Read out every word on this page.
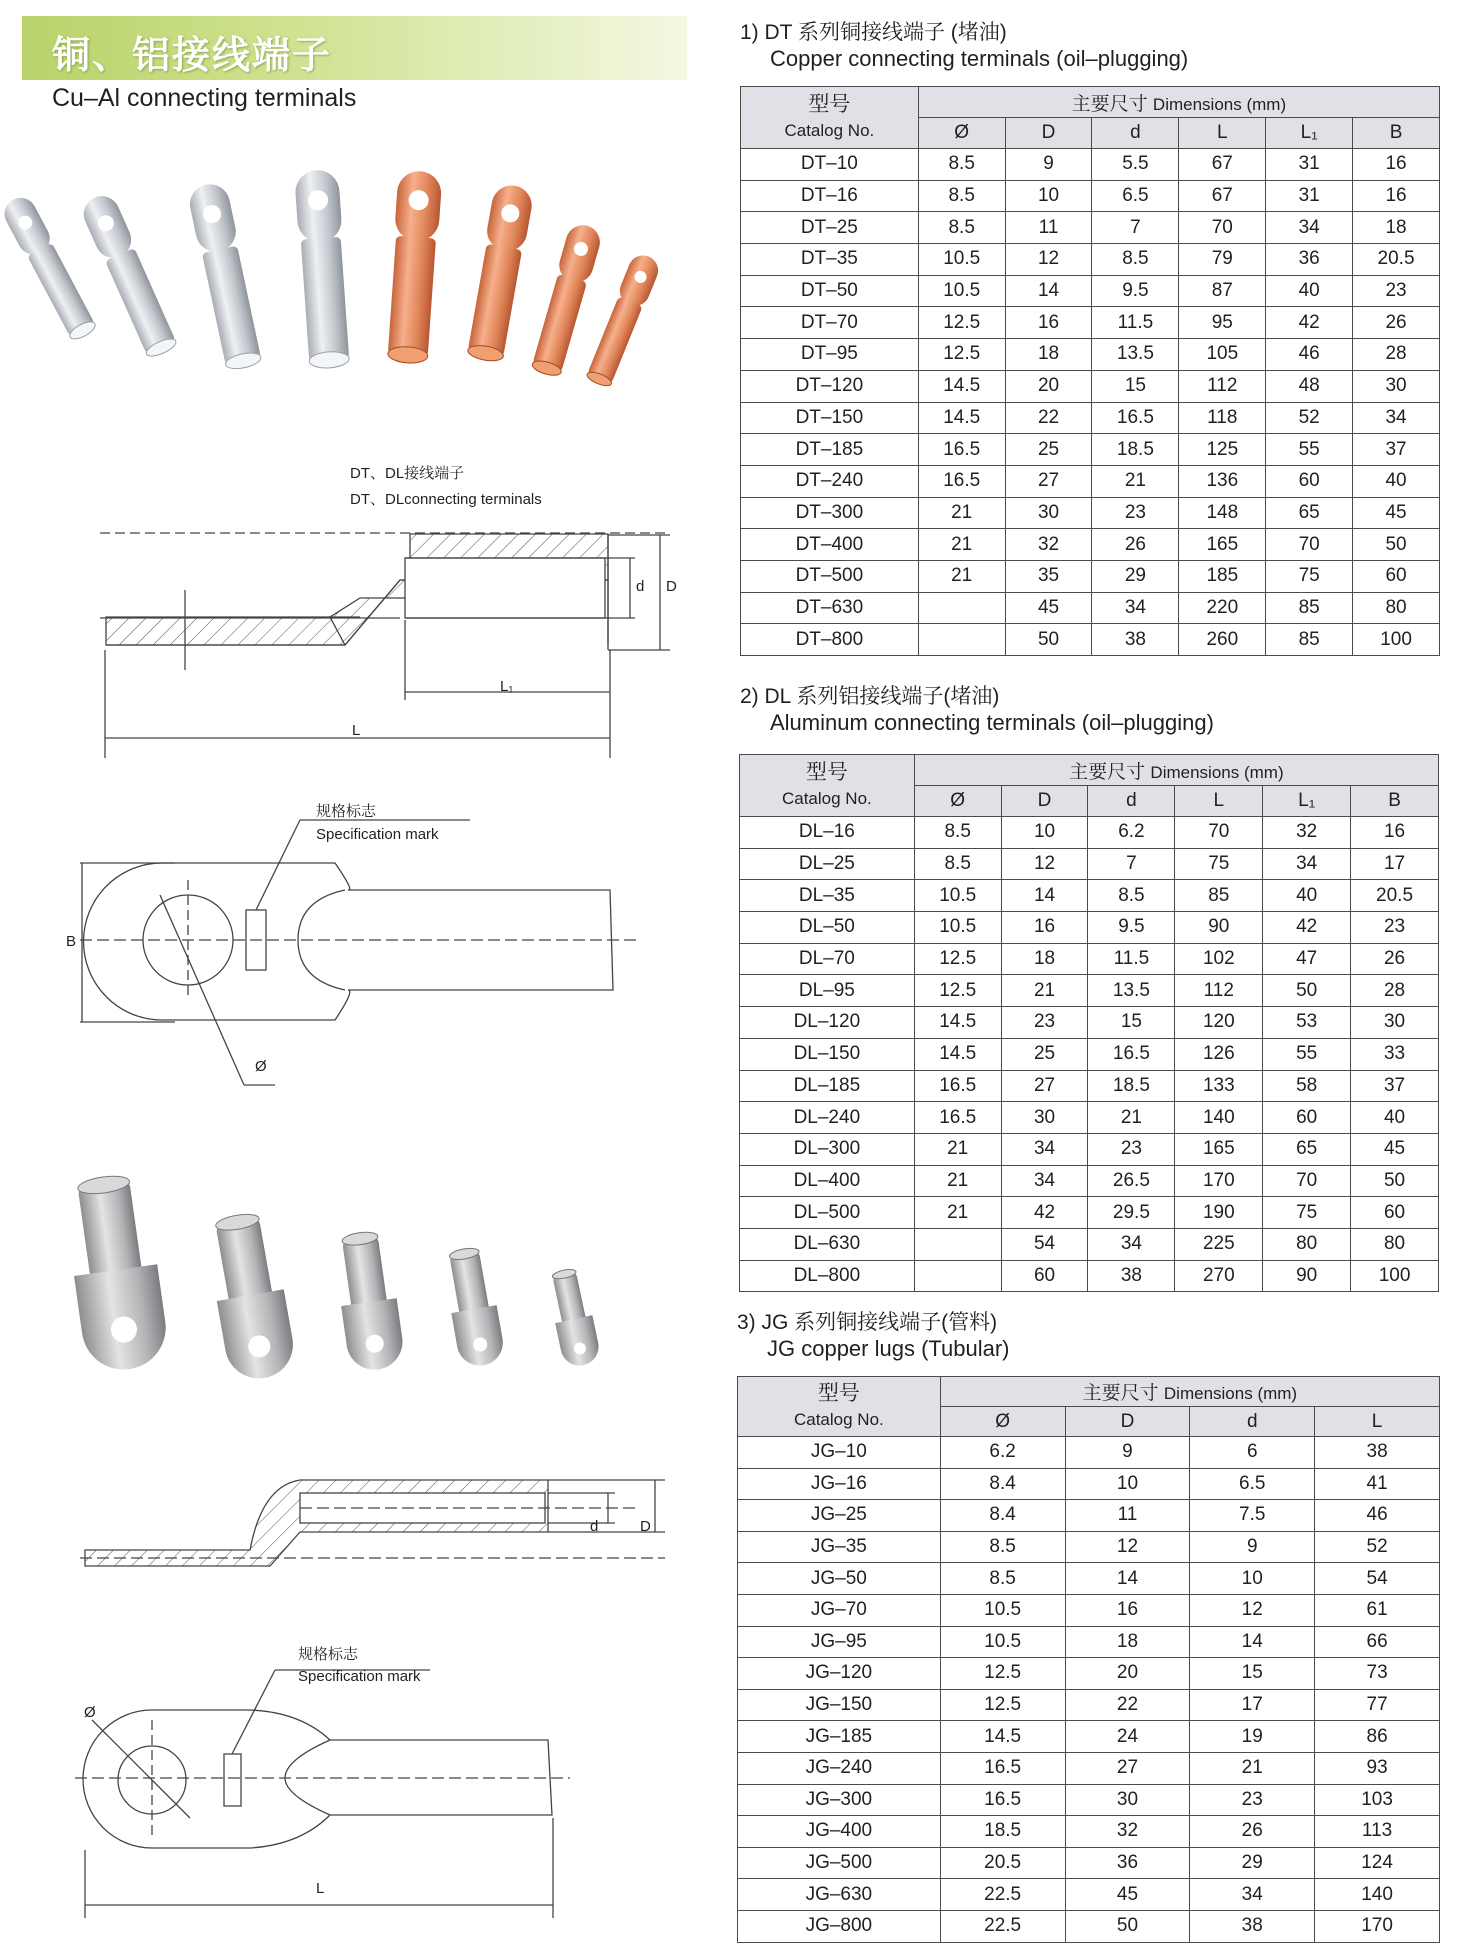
铜、铝接线端子
Cu–Al connecting terminals
DT、DL接线端子
DT、DLconnecting terminals
d D
L₁
L
规格标志
Specification mark
B
Ø
d	D
规格标志
Specification mark
Ø
L
1) DT 系列铜接线端子 (堵油)
Copper connecting terminals (oil–plugging)
型号
Catalog No.	主要尺寸 Dimensions (mm)					
	Ø	D	d	L	L₁	B
DT–10	8.5	9	5.5	67	31	16
DT–16	8.5	10	6.5	67	31	16
DT–25	8.5	11	7	70	34	18
DT–35	10.5	12	8.5	79	36	20.5
DT–50	10.5	14	9.5	87	40	23
DT–70	12.5	16	11.5	95	42	26
DT–95	12.5	18	13.5	105	46	28
DT–120	14.5	20	15	112	48	30
DT–150	14.5	22	16.5	118	52	34
DT–185	16.5	25	18.5	125	55	37
DT–240	16.5	27	21	136	60	40
DT–300	21	30	23	148	65	45
DT–400	21	32	26	165	70	50
DT–500	21	35	29	185	75	60
DT–630		45	34	220	85	80
DT–800		50	38	260	85	100
2) DL 系列铝接线端子(堵油)
Aluminum connecting terminals (oil–plugging)
型号
Catalog No.	主要尺寸 Dimensions (mm)					
	Ø	D	d	L	L₁	B
DL–16	8.5	10	6.2	70	32	16
DL–25	8.5	12	7	75	34	17
DL–35	10.5	14	8.5	85	40	20.5
DL–50	10.5	16	9.5	90	42	23
DL–70	12.5	18	11.5	102	47	26
DL–95	12.5	21	13.5	112	50	28
DL–120	14.5	23	15	120	53	30
DL–150	14.5	25	16.5	126	55	33
DL–185	16.5	27	18.5	133	58	37
DL–240	16.5	30	21	140	60	40
DL–300	21	34	23	165	65	45
DL–400	21	34	26.5	170	70	50
DL–500	21	42	29.5	190	75	60
DL–630		54	34	225	80	80
DL–800		60	38	270	90	100
3) JG 系列铜接线端子(管料)
JG copper lugs (Tubular)
型号
Catalog No.	主要尺寸 Dimensions (mm)			
	Ø	D	d	L
JG–10	6.2	9	6	38
JG–16	8.4	10	6.5	41
JG–25	8.4	11	7.5	46
JG–35	8.5	12	9	52
JG–50	8.5	14	10	54
JG–70	10.5	16	12	61
JG–95	10.5	18	14	66
JG–120	12.5	20	15	73
JG–150	12.5	22	17	77
JG–185	14.5	24	19	86
JG–240	16.5	27	21	93
JG–300	16.5	30	23	103
JG–400	18.5	32	26	113
JG–500	20.5	36	29	124
JG–630	22.5	45	34	140
JG–800	22.5	50	38	170
